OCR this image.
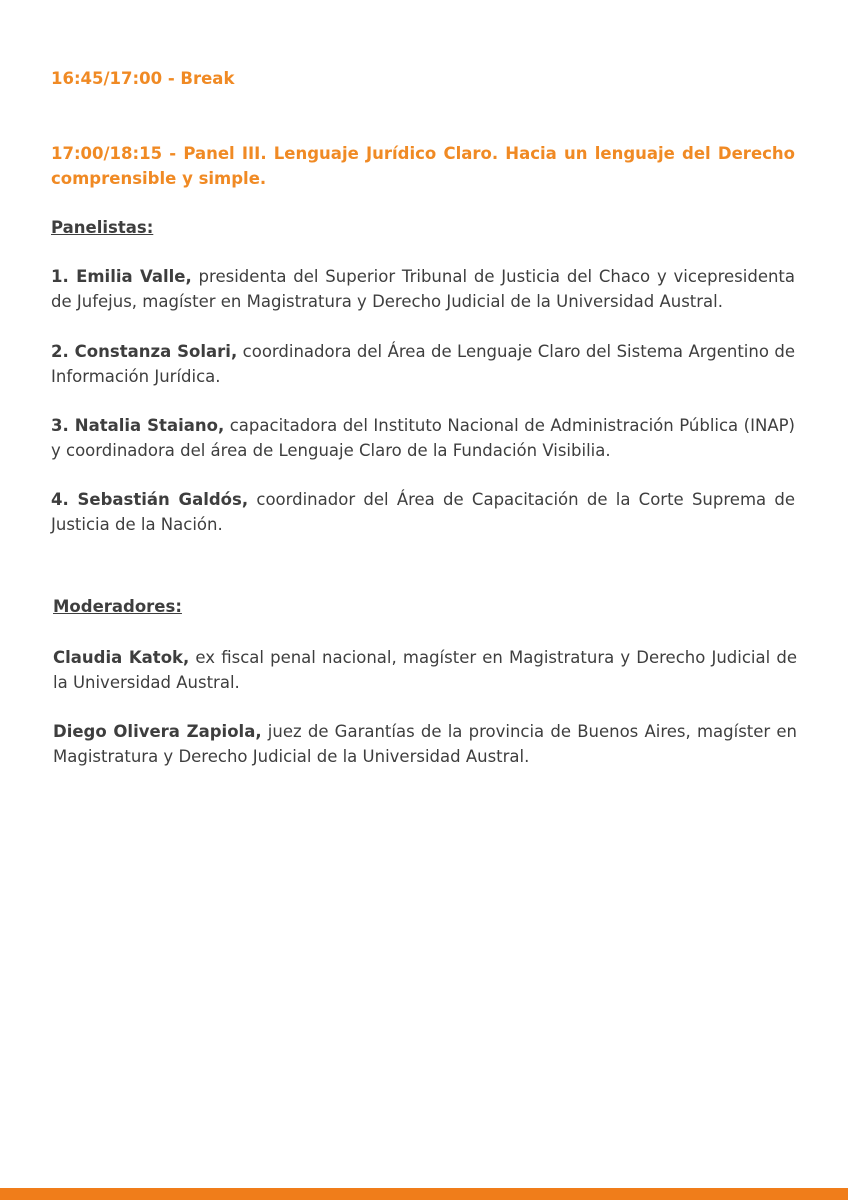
16:45/17:00 - Break
17:00/18:15 - Panel III. Lenguaje Jurídico Claro. Hacia un lenguaje del Derecho comprensible y simple.
Panelistas:
1. Emilia Valle, presidenta del Superior Tribunal de Justicia del Chaco y vicepresidenta de Jufejus, magíster en Magistratura y Derecho Judicial de la Universidad Austral.
2. Constanza Solari, coordinadora del Área de Lenguaje Claro del Sistema Argentino de Información Jurídica.
3. Natalia Staiano, capacitadora del Instituto Nacional de Administración Pública (INAP) y coordinadora del área de Lenguaje Claro de la Fundación Visibilia.
4. Sebastián Galdós, coordinador del Área de Capacitación de la Corte Suprema de Justicia de la Nación.
Moderadores:
Claudia Katok, ex fiscal penal nacional, magíster en Magistratura y Derecho Judicial de la Universidad Austral.
Diego Olivera Zapiola, juez de Garantías de la provincia de Buenos Aires, magíster en Magistratura y Derecho Judicial de la Universidad Austral.
